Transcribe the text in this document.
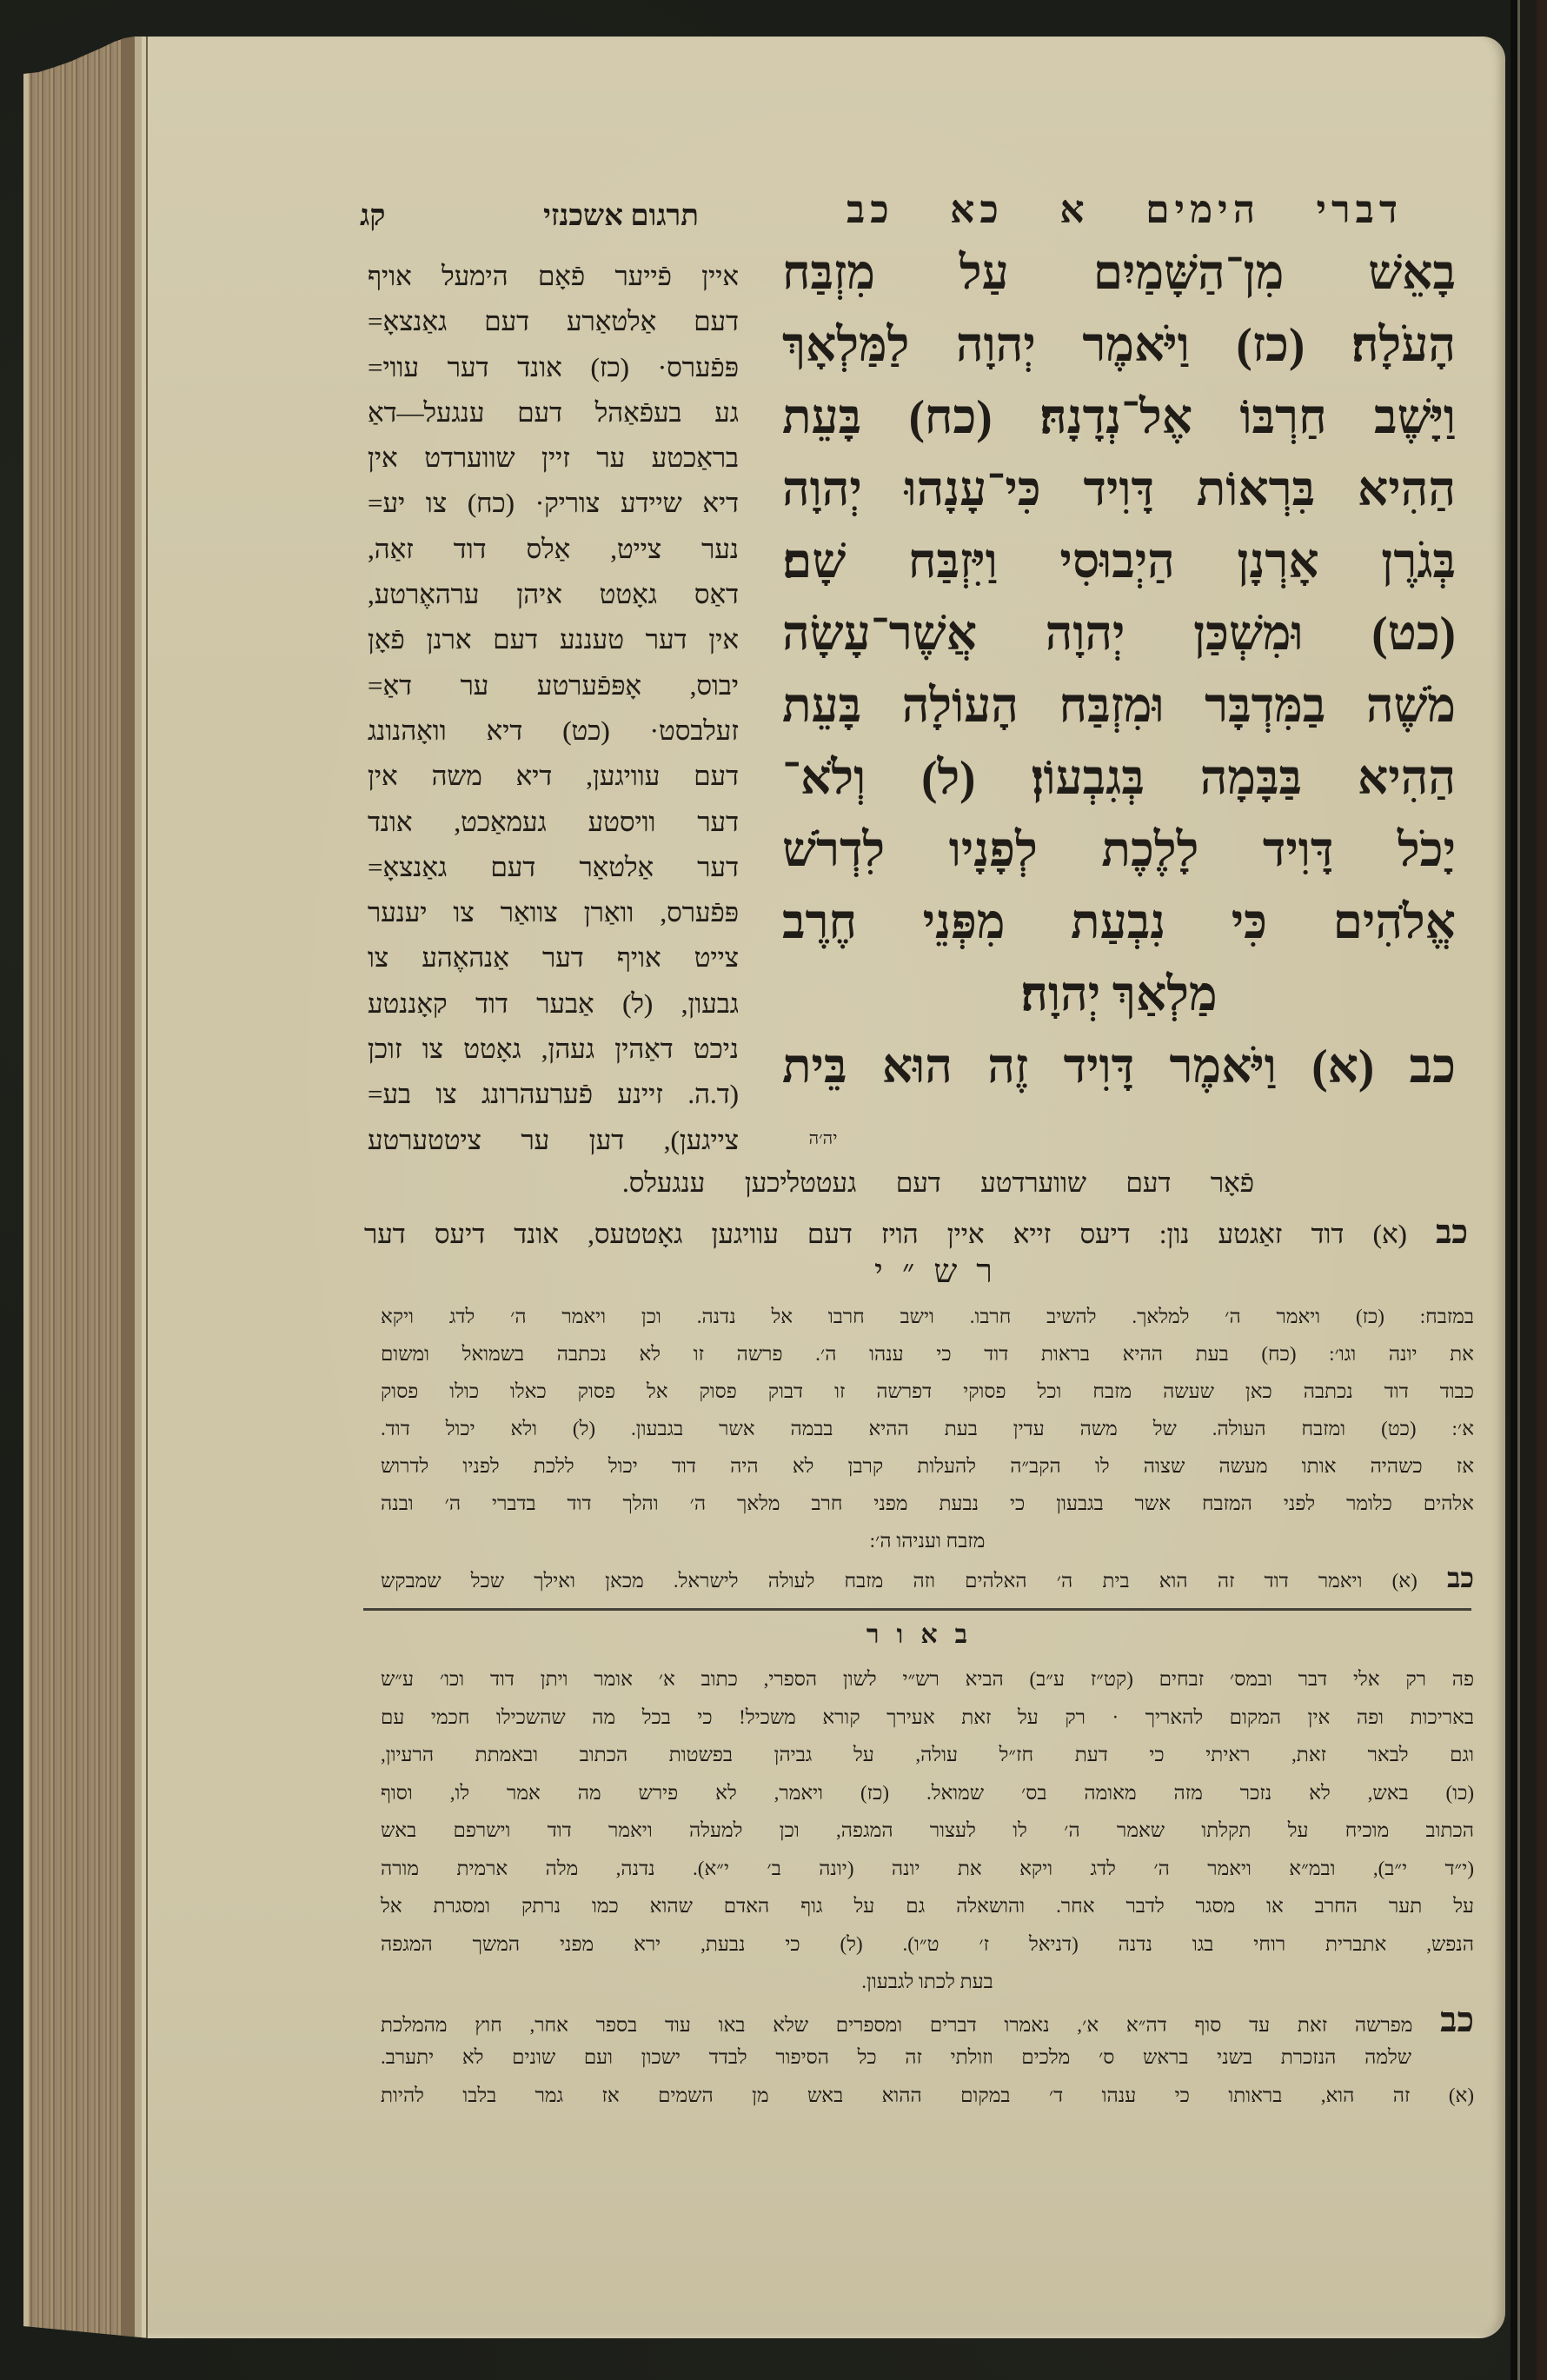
דברי הימים א כא כב
תרגום אשכנזי
קג
בָאֵשׁ מִן־הַשָּׁמַיִם עַל מִזְבַּח
הָעֹלָה׃ (כז) וַיֹּאמֶר יְהוָה לַמַּלְאָךְ
וַיָּשֶׁב חַרְבּוֹ אֶל־נְדָנָהּ׃ (כח) בָּעֵת
הַהִיא בִּרְאוֹת דָּוִיד כִּי־עָנָהוּ יְהוָה
בְּגֹרֶן אָרְנָן הַיְבוּסִי וַיִּזְבַּח שָׁם׃
(כט) וּמִשְׁכַּן יְהוָה אֲשֶׁר־עָשָׂה
מֹשֶׁה בַמִּדְבָּר וּמִזְבַּח הָעוֹלָה בָּעֵת
הַהִיא בַּבָּמָה בְּגִבְעוֹן׃ (ל) וְלֹא־
יָכֹל דָּוִיד לָלֶכֶת לְפָנָיו לִדְרֹשׁ
אֱלֹהִים כִּי נִבְעַת מִפְּנֵי חֶרֶב
מַלְאַךְ יְהוָה׃
כב (א) וַיֹּאמֶר דָּוִיד זֶה הוּא בֵּית
יה׳ה
איין פֿייער פֿאָם הימעל אויף
דעם אַלטאַרע דעם גאַנצאָ=
פּפֿערס· (כז) אונד דער עווי=
גע בעפֿאַהל דעם ענגעל—דאַ
בראַכטע ער זיין שווערדט אין
דיא שיידע צוריק· (כח) צו יע=
נער צייט, אַלס דוד זאַה,
דאַס גאָטט איהן ערהאֶרטע,
אין דער טעננע דעם ארנן פֿאָן
יבוס, אָפּפֿערטע ער דאַ=
זעלבסט· (כט) דיא וואָהנונג
דעם עוויגען, דיא משה אין
דער וויסטע געמאַכט, אונד
דער אַלטאַר דעם גאַנצאָ=
פּפֿערס, וואַרן צוואַר צו יענער
צייט אויף דער אַנהאֶהע צו
גבעון, (ל) אַבער דוד קאָננטע
ניכט דאַהין געהן, גאָטט צו זוכן
(ד.ה. זיינע פֿערעהרונג צו בע=
צייגען), דען ער ציטטערטע
פֿאָר דעם שווערדטע דעם געטטליכען ענגעלס.
כב (א) דוד זאַגטע נון: דיעס זייא איין הויז דעם עוויגען גאָטטעס, אונד דיעס דער
רש״י
במזבח: (כז) ויאמר ה׳ למלאך. להשיב חרבו. וישב חרבו אל נדנה. וכן ויאמר ה׳ לדג ויקא
את יונה וגו׳: (כח) בעת ההיא בראות דוד כי ענהו ה׳. פרשה זו לא נכתבה בשמואל ומשום
כבוד דוד נכתבה כאן שעשה מזבח וכל פסוקי דפרשה זו דבוק פסוק אל פסוק כאלו כולו פסוק
א׳: (כט) ומזבח העולה. של משה עדין בעת ההיא בבמה אשר בגבעון. (ל) ולא יכול דוד.
אז כשהיה אותו מעשה שצוה לו הקב״ה להעלות קרבן לא היה דוד יכול ללכת לפניו לדרוש
אלהים כלומר לפני המזבח אשר בגבעון כי נבעת מפני חרב מלאך ה׳ והלך דוד בדברי ה׳ ובנה
מזבח ועניהו ה׳:
כב (א) ויאמר דוד זה הוא בית ה׳ האלהים וזה מזבח לעולה לישראל. מכאן ואילך שכל שמבקש
באור
פה רק אלי דבר ובמס׳ זבחים (קט״ז ע״ב) הביא רש״י לשון הספרי, כתוב א׳ אומר ויתן דוד וכו׳ ע״ש
באריכות ופה אין המקום להאריך · רק על זאת אעירך קורא משכיל! כי בכל מה שהשכילו חכמי עם
וגם לבאר זאת, ראיתי כי דעת חז״ל עולה, על גביהן בפשטות הכתוב ובאמתת הרעיון,
(כו) באש, לא נזכר מזה מאומה בס׳ שמואל. (כז) ויאמר, לא פירש מה אמר לו, וסוף
הכתוב מוכיח על תקלתו שאמר ה׳ לו לעצור המגפה, וכן למעלה ויאמר דוד וישרפם באש
(י״ד י״ב), ובמ״א ויאמר ה׳ לדג ויקא את יונה (יונה ב׳ י״א). נדנה, מלה ארמית מורה
על תער החרב או מסגר לדבר אחר. והושאלה גם על גוף האדם שהוא כמו נרתק ומסגרת אל
הנפש, אתברית רוחי בגו נדנה (דניאל ז׳ ט״ו). (ל) כי נבעת, ירא מפני המשך המגפה
בעת לכתו לגבעון.
כב מפרשה זאת עד סוף דה״א א׳, נאמרו דברים ומספרים שלא באו עוד בספר אחר, חוץ מהמלכת
שלמה הנזכרת בשני בראש ס׳ מלכים וזולתי זה כל הסיפור לבדד ישכון ועם שונים לא יתערב.
(א) זה הוא, בראותו כי ענהו ד׳ במקום ההוא באש מן השמים אז גמר בלבו להיות
